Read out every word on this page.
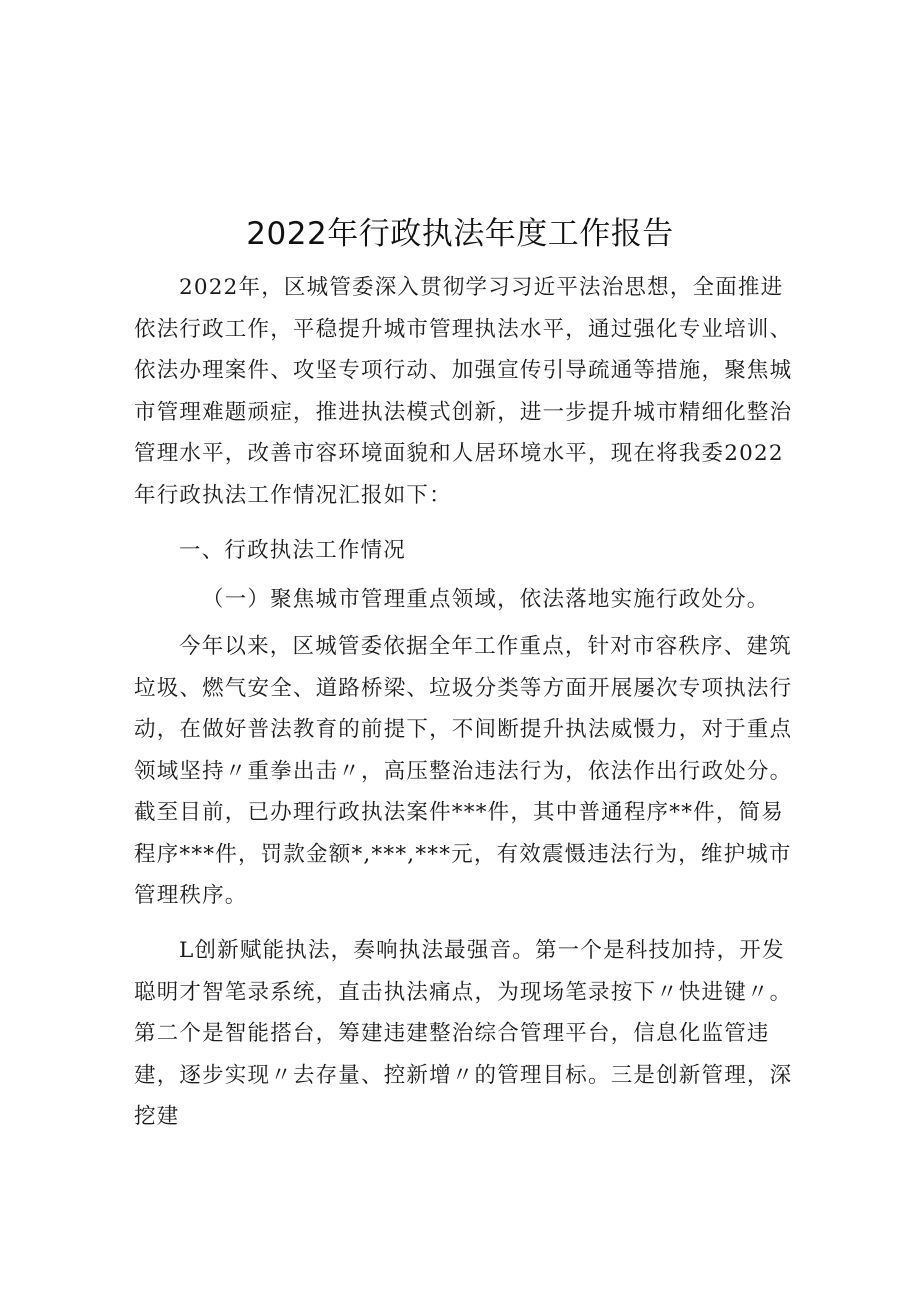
2022年行政执法年度工作报告

2022年，区城管委深入贯彻学习习近平法治思想，全面推进依法行政工作，平稳提升城市管理执法水平，通过强化专业培训、依法办理案件、攻坚专项行动、加强宣传引导疏通等措施，聚焦城市管理难题顽症，推进执法模式创新，进一步提升城市精细化整治管理水平，改善市容环境面貌和人居环境水平，现在将我委2022年行政执法工作情况汇报如下：

一、行政执法工作情况

（一）聚焦城市管理重点领域，依法落地实施行政处分。

今年以来，区城管委依据全年工作重点，针对市容秩序、建筑垃圾、燃气安全、道路桥梁、垃圾分类等方面开展屡次专项执法行动，在做好普法教育的前提下，不间断提升执法威慑力，对于重点领域坚持〃重拳出击〃，高压整治违法行为，依法作出行政处分。截至目前，已办理行政执法案件***件，其中普通程序**件，简易程序***件，罚款金额*,***,***元，有效震慑违法行为，维护城市管理秩序。

L创新赋能执法，奏响执法最强音。第一个是科技加持，开发聪明才智笔录系统，直击执法痛点，为现场笔录按下〃快进键〃。第二个是智能搭台，筹建违建整治综合管理平台，信息化监管违建，逐步实现〃去存量、控新增〃的管理目标。三是创新管理，深挖建
